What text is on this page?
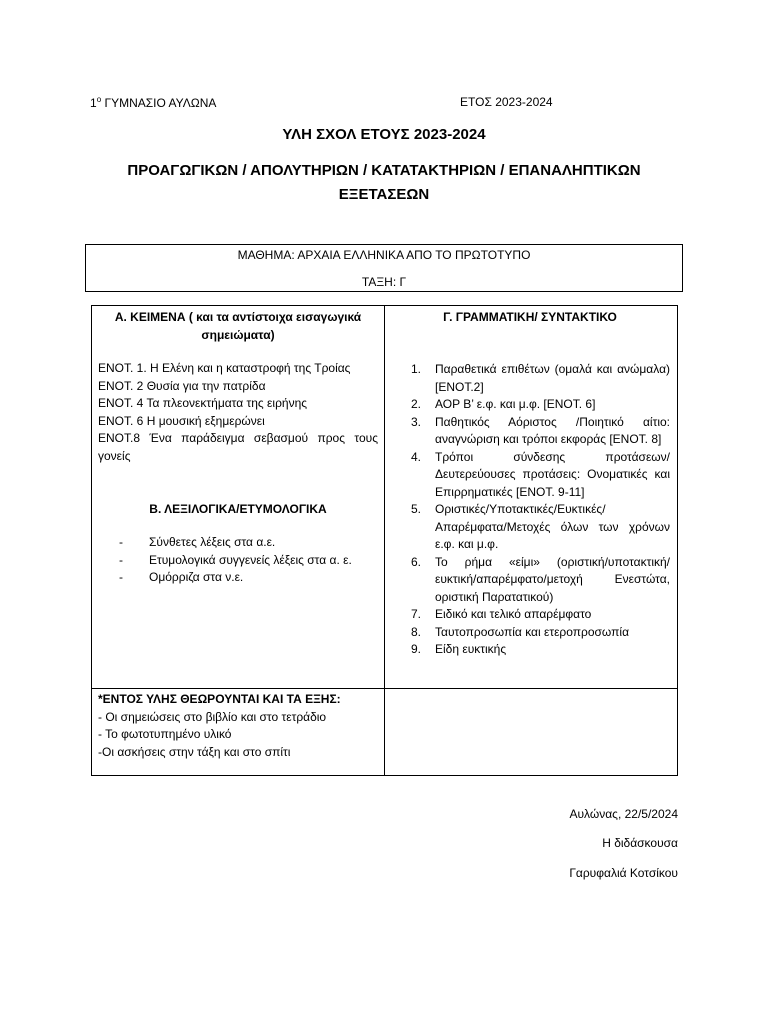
$1^o$ ΓΥΜΝΑΣΙΟ ΑΥΛΩΝΑ	ΕΤΟΣ 2023-2024
ΥΛΗ ΣΧΟΛ ΕΤΟΥΣ 2023-2024
ΠΡΟΑΓΩΓΙΚΩΝ / ΑΠΟΛΥΤΗΡΙΩΝ / ΚΑΤΑΤΑΚΤΗΡΙΩΝ / ΕΠΑΝΑΛΗΠΤΙΚΩΝ ΕΞΕΤΑΣΕΩΝ
ΜΑΘΗΜΑ: ΑΡΧΑΙΑ ΕΛΛΗΝΙΚΑ ΑΠΟ ΤΟ ΠΡΩΤΟΤΥΠΟ
ΤΑΞΗ: Γ
Α. ΚΕΙΜΕΝΑ ( και τα αντίστοιχα εισαγωγικά σημειώματα)
ΕΝΟΤ. 1. Η Ελένη και η καταστροφή της Τροίας
ΕΝΟΤ. 2 Θυσία για την πατρίδα
ΕΝΟΤ. 4 Τα πλεονεκτήματα της ειρήνης
ΕΝΟΤ. 6 Η μουσική εξημερώνει
ΕΝΟΤ.8 Ένα παράδειγμα σεβασμού προς τους γονείς
Β. ΛΕΞΙΛΟΓΙΚΑ/ΕΤΥΜΟΛΟΓΙΚΑ
- Σύνθετες λέξεις στα α.ε.
- Ετυμολογικά συγγενείς λέξεις στα α. ε.
- Ομόρριζα στα ν.ε.
Γ. ΓΡΑΜΜΑΤΙΚΗ/ ΣΥΝΤΑΚΤΙΚΟ
1. Παραθετικά επιθέτων (ομαλά και ανώμαλα) [ΕΝΟΤ.2]
2. ΑΟΡ Β’ ε.φ. και μ.φ. [ΕΝΟΤ. 6]
3. Παθητικός Αόριστος /Ποιητικό αίτιο: αναγνώριση και τρόποι εκφοράς [ΕΝΟΤ. 8]
4. Τρόποι σύνδεσης προτάσεων/ Δευτερεύουσες προτάσεις: Ονοματικές και Επιρρηματικές [ΕΝΟΤ. 9-11]
5. Οριστικές/Υποτακτικές/Ευκτικές/ Απαρέμφατα/Μετοχές όλων των χρόνων ε.φ. και μ.φ.
6. Το ρήμα «είμι» (οριστική/υποτακτική/ ευκτική/απαρέμφατο/μετοχή Ενεστώτα, οριστική Παρατατικού)
7. Ειδικό και τελικό απαρέμφατο
8. Ταυτοπροσωπία και ετεροπροσωπία
9. Είδη ευκτικής
*ΕΝΤΟΣ ΥΛΗΣ ΘΕΩΡΟΥΝΤΑΙ ΚΑΙ ΤΑ ΕΞΗΣ:
- Οι σημειώσεις στο βιβλίο και στο τετράδιο
- Το φωτοτυπημένο υλικό
-Οι ασκήσεις στην τάξη και στο σπίτι
Αυλώνας, 22/5/2024
Η διδάσκουσα
Γαρυφαλιά Κοτσίκου
